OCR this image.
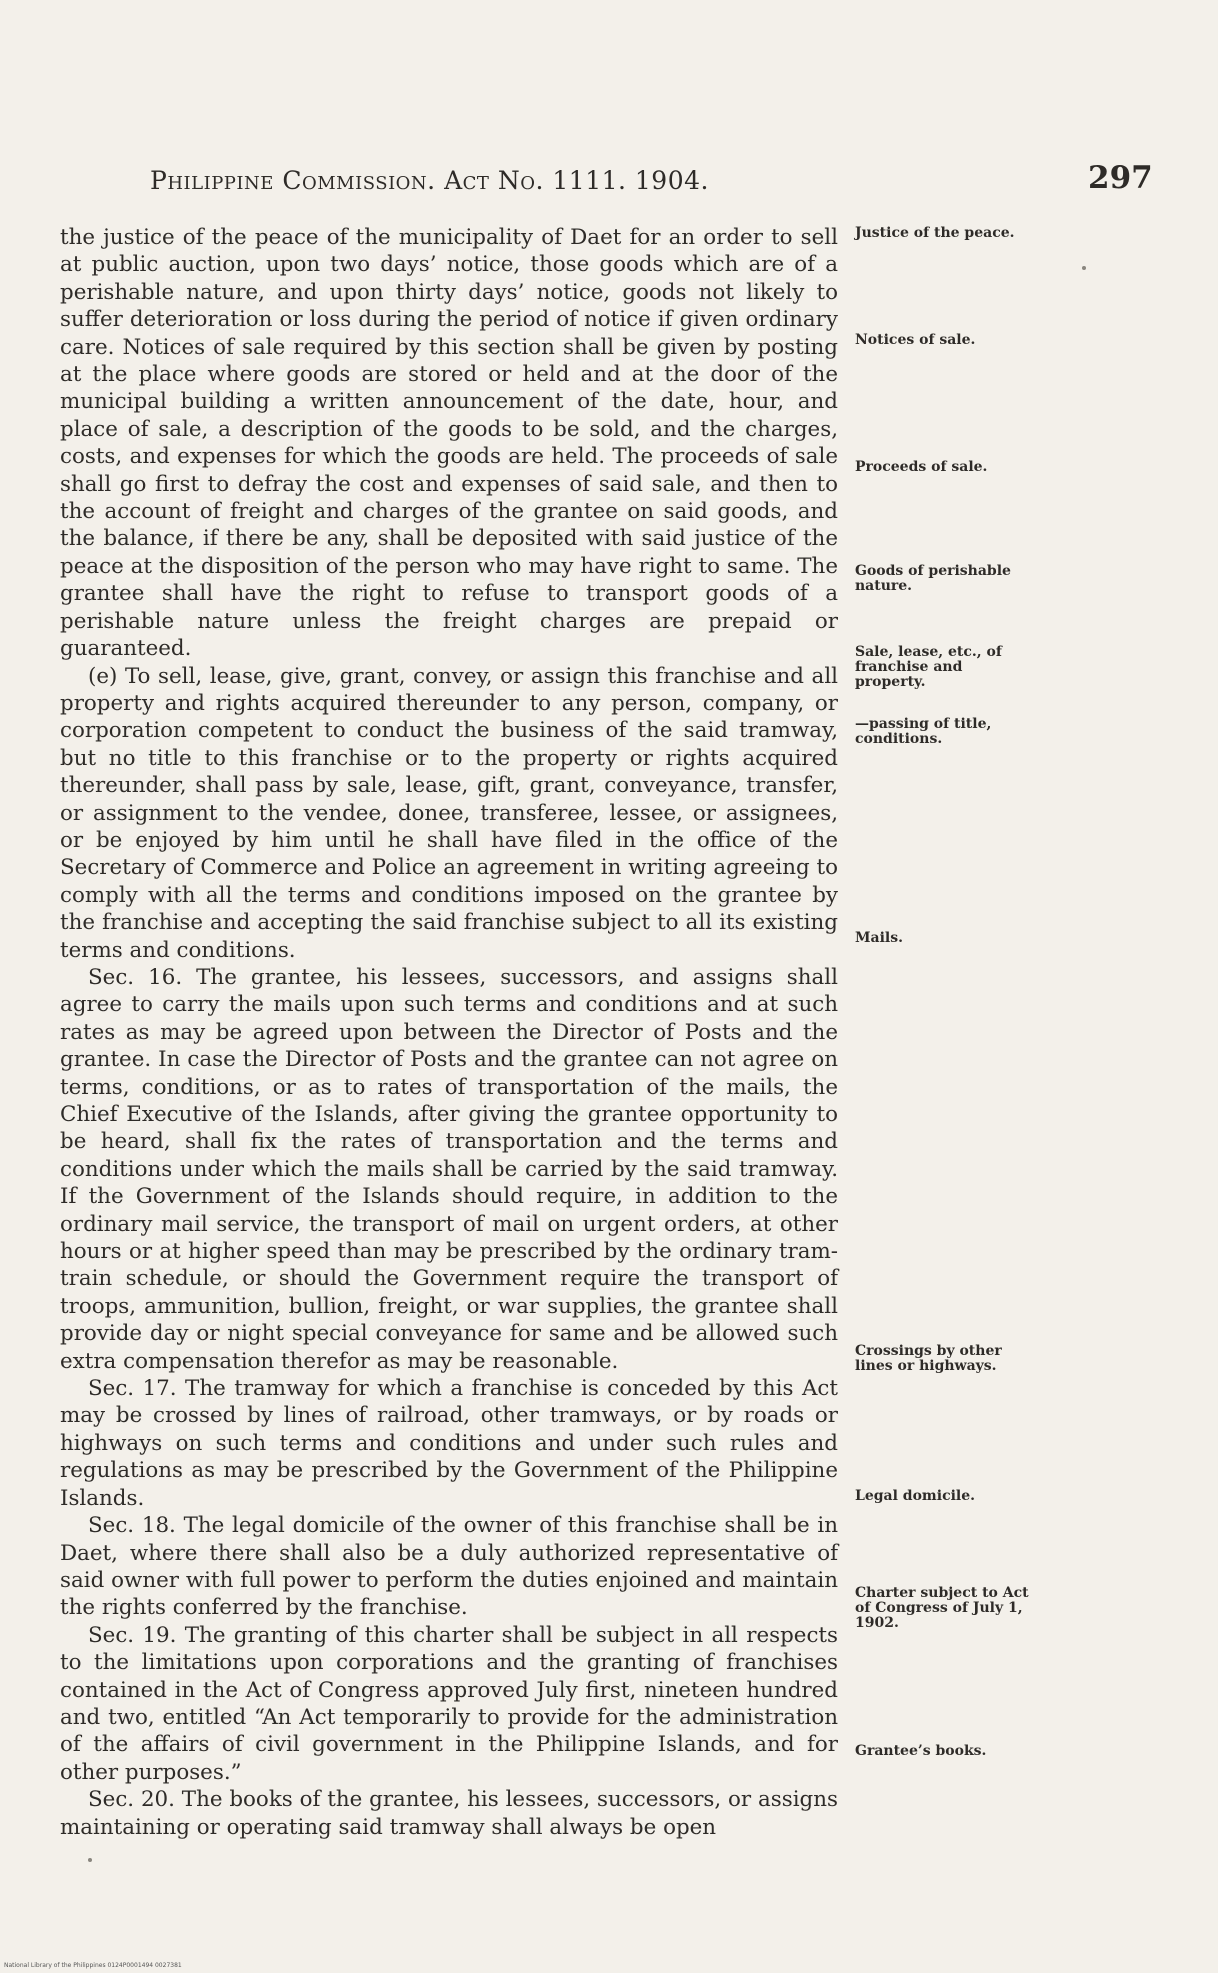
Philippine Commission. Act No. 1111. 1904.	297

the justice of the peace of the municipality of Daet for an order to sell at public auction, upon two days’ notice, those goods which are of a perishable nature, and upon thirty days’ notice, goods not likely to suffer deterioration or loss during the period of notice if given ordinary care. Notices of sale required by this section shall be given by posting at the place where goods are stored or held and at the door of the municipal building a written announcement of the date, hour, and place of sale, a description of the goods to be sold, and the charges, costs, and expenses for which the goods are held. The proceeds of sale shall go first to defray the cost and expenses of said sale, and then to the account of freight and charges of the grantee on said goods, and the balance, if there be any, shall be deposited with said justice of the peace at the disposition of the person who may have right to same. The grantee shall have the right to refuse to transport goods of a perishable nature unless the freight charges are prepaid or guaranteed.

(e) To sell, lease, give, grant, convey, or assign this franchise and all property and rights acquired thereunder to any person, company, or corporation competent to conduct the business of the said tramway, but no title to this franchise or to the property or rights acquired thereunder, shall pass by sale, lease, gift, grant, conveyance, transfer, or assignment to the vendee, donee, transferee, lessee, or assignees, or be enjoyed by him until he shall have filed in the office of the Secretary of Commerce and Police an agreement in writing agreeing to comply with all the terms and conditions imposed on the grantee by the franchise and accepting the said franchise subject to all its existing terms and conditions.

Sec. 16. The grantee, his lessees, successors, and assigns shall agree to carry the mails upon such terms and conditions and at such rates as may be agreed upon between the Director of Posts and the grantee. In case the Director of Posts and the grantee can not agree on terms, conditions, or as to rates of transportation of the mails, the Chief Executive of the Islands, after giving the grantee opportunity to be heard, shall fix the rates of transportation and the terms and conditions under which the mails shall be carried by the said tramway. If the Government of the Islands should require, in addition to the ordinary mail service, the transport of mail on urgent orders, at other hours or at higher speed than may be prescribed by the ordinary tram-train schedule, or should the Government require the transport of troops, ammunition, bullion, freight, or war supplies, the grantee shall provide day or night special conveyance for same and be allowed such extra compensation therefor as may be reasonable.

Sec. 17. The tramway for which a franchise is conceded by this Act may be crossed by lines of railroad, other tramways, or by roads or highways on such terms and conditions and under such rules and regulations as may be prescribed by the Government of the Philippine Islands.

Sec. 18. The legal domicile of the owner of this franchise shall be in Daet, where there shall also be a duly authorized representative of said owner with full power to perform the duties enjoined and maintain the rights conferred by the franchise.

Sec. 19. The granting of this charter shall be subject in all respects to the limitations upon corporations and the granting of franchises contained in the Act of Congress approved July first, nineteen hundred and two, entitled “An Act temporarily to provide for the administration of the affairs of civil government in the Philippine Islands, and for other purposes.”

Sec. 20. The books of the grantee, his lessees, successors, or assigns maintaining or operating said tramway shall always be open

Justice of the peace.
Notices of sale.
Proceeds of sale.
Goods of perishable nature.
Sale, lease, etc., of franchise and property.
—passing of title, conditions.
Mails.
Crossings by other lines or highways.
Legal domicile.
Charter subject to Act of Congress of July 1, 1902.
Grantee’s books.
National Library of the Philippines 0124P0001494 0027381
